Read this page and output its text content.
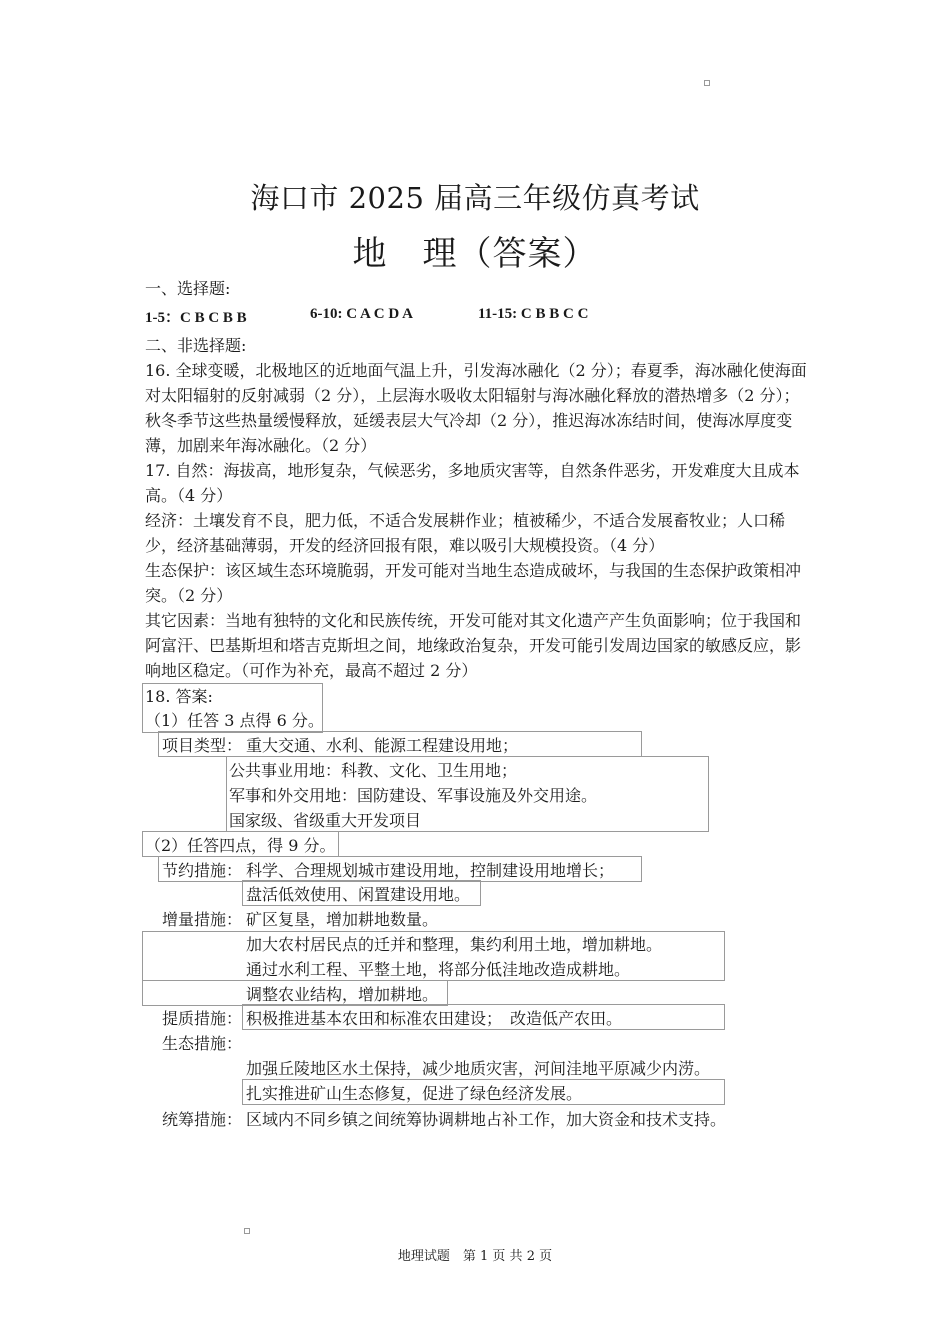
海口市 2025 届高三年级仿真考试
地　理（答案）
一、选择题:
1-5：C B C B B	6-10: C A C D A	11-15: C B B C C
二、非选择题:
16. 全球变暖，北极地区的近地面气温上升，引发海冰融化（2 分）；春夏季，海冰融化使海面对太阳辐射的反射减弱（2 分），上层海水吸收太阳辐射与海冰融化释放的潜热增多（2 分）；秋冬季节这些热量缓慢释放，延缓表层大气冷却（2 分），推迟海冰冻结时间，使海冰厚度变薄，加剧来年海冰融化。（2 分）
17. 自然：海拔高，地形复杂，气候恶劣，多地质灾害等，自然条件恶劣，开发难度大且成本高。（4 分）
经济：土壤发育不良，肥力低，不适合发展耕作业；植被稀少，不适合发展畜牧业；人口稀少，经济基础薄弱，开发的经济回报有限，难以吸引大规模投资。（4 分）
生态保护：该区域生态环境脆弱，开发可能对当地生态造成破坏，与我国的生态保护政策相冲突。（2 分）
其它因素：当地有独特的文化和民族传统，开发可能对其文化遗产产生负面影响；位于我国和阿富汗、巴基斯坦和塔吉克斯坦之间，地缘政治复杂，开发可能引发周边国家的敏感反应，影响地区稳定。（可作为补充，最高不超过 2 分）
18. 答案:
（1）任答 3 点得 6 分。
项目类型： 重大交通、水利、能源工程建设用地；
公共事业用地：科教、文化、卫生用地；
军事和外交用地：国防建设、军事设施及外交用途。
国家级、省级重大开发项目
（2）任答四点，得 9 分。
节约措施： 科学、合理规划城市建设用地，控制建设用地增长；
盘活低效使用、闲置建设用地。
增量措施： 矿区复垦，增加耕地数量。
加大农村居民点的迁并和整理，集约利用土地，增加耕地。
通过水利工程、平整土地，将部分低洼地改造成耕地。
调整农业结构，增加耕地。
提质措施： 积极推进基本农田和标准农田建设；　改造低产农田。
生态措施：
加强丘陵地区水土保持，减少地质灾害，河间洼地平原减少内涝。
扎实推进矿山生态修复，促进了绿色经济发展。
统筹措施： 区域内不同乡镇之间统筹协调耕地占补工作，加大资金和技术支持。
地理试题　第 1 页 共 2 页
